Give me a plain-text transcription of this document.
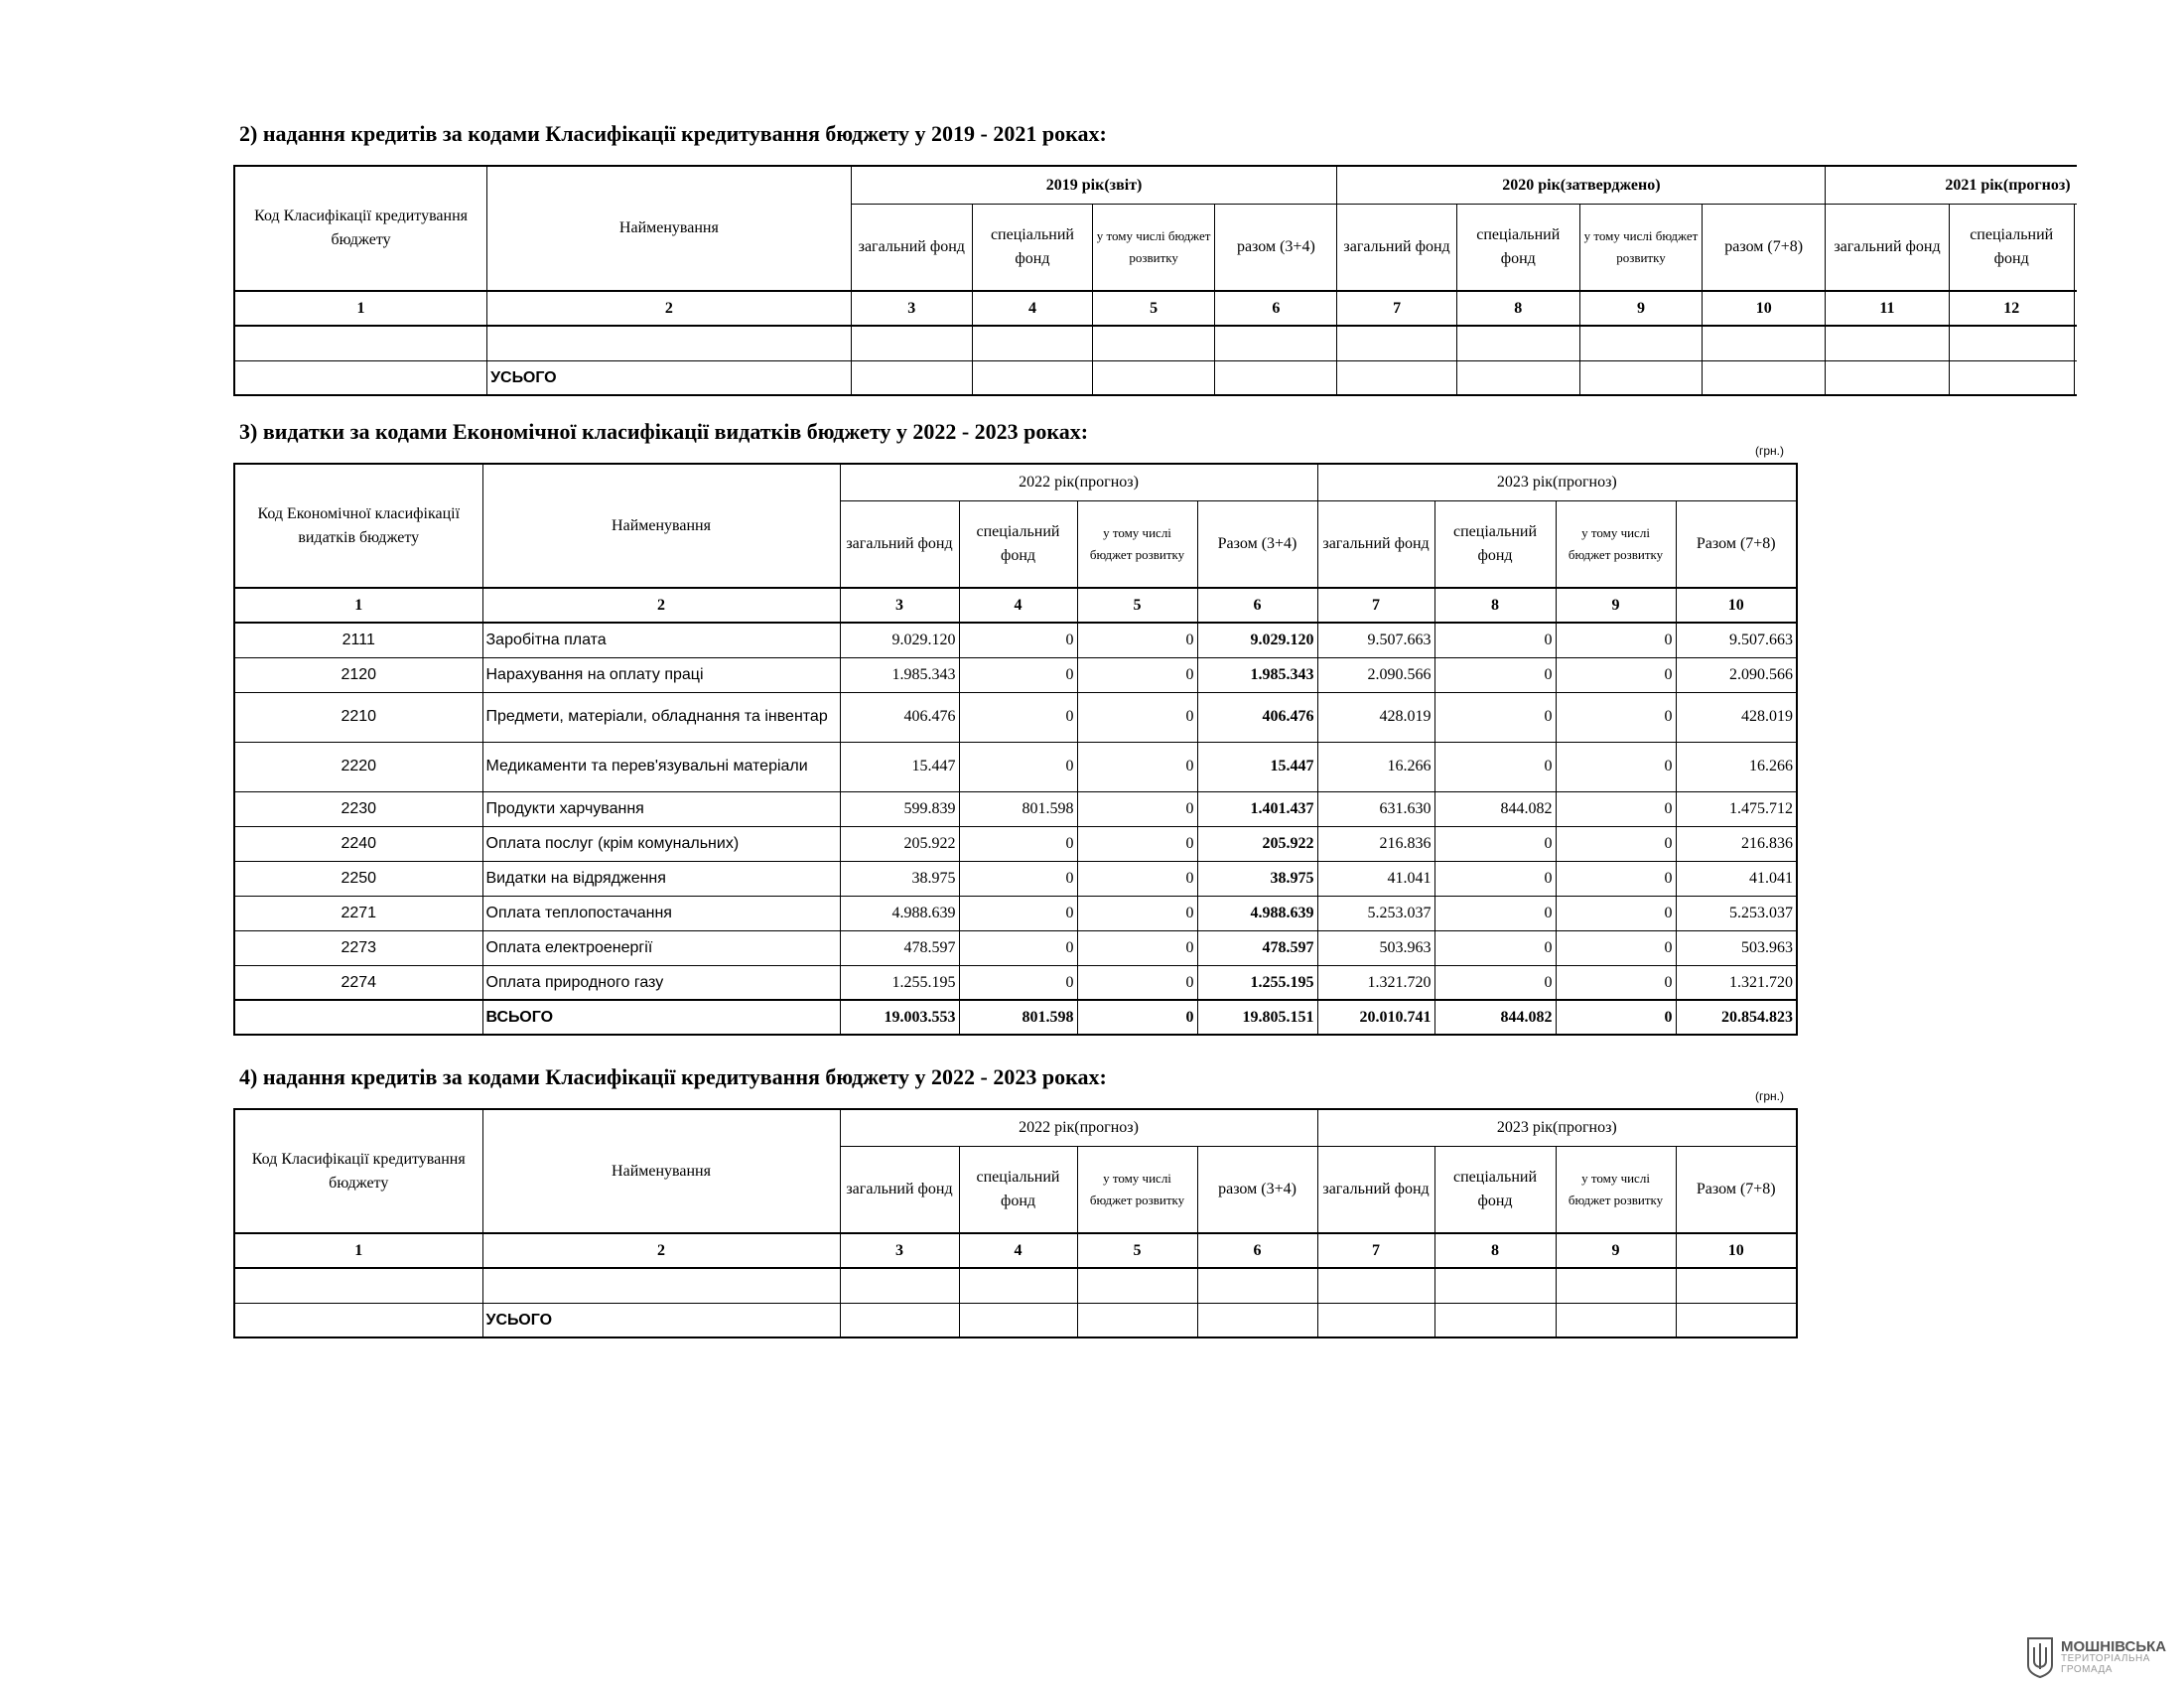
2) надання кредитів за кодами Класифікації кредитування бюджету у 2019 - 2021 роках:
Код Класифікації кредитування бюджету	Найменування	2019 рік(звіт)				2020 рік(затверджено)				2021 рік(прогноз)			
		загальний фонд	спеціальний фонд	у тому числі бюджет розвитку	разом (3+4)	загальний фонд	спеціальний фонд	у тому числі бюджет розвитку	разом (7+8)	загальний фонд	спеціальний фонд		
1	2	3	4	5	6	7	8	9	10	11	12		

	УСЬОГО												
3) видатки за кодами Економічної класифікації видатків бюджету у 2022 - 2023 роках:
(грн.)
Код Економічної класифікації видатків бюджету	Найменування	2022 рік(прогноз)				2023 рік(прогноз)			
		загальний фонд	спеціальний фонд	у тому числі бюджет розвитку	Разом (3+4)	загальний фонд	спеціальний фонд	у тому числі бюджет розвитку	Разом (7+8)
1	2	3	4	5	6	7	8	9	10
2111	Заробітна плата	9.029.120	0	0	9.029.120	9.507.663	0	0	9.507.663
2120	Нарахування на оплату праці	1.985.343	0	0	1.985.343	2.090.566	0	0	2.090.566
2210	Предмети, матеріали, обладнання та інвентар	406.476	0	0	406.476	428.019	0	0	428.019
2220	Медикаменти та перев'язувальні матеріали	15.447	0	0	15.447	16.266	0	0	16.266
2230	Продукти харчування	599.839	801.598	0	1.401.437	631.630	844.082	0	1.475.712
2240	Оплата послуг (крім комунальних)	205.922	0	0	205.922	216.836	0	0	216.836
2250	Видатки на відрядження	38.975	0	0	38.975	41.041	0	0	41.041
2271	Оплата теплопостачання	4.988.639	0	0	4.988.639	5.253.037	0	0	5.253.037
2273	Оплата електроенергії	478.597	0	0	478.597	503.963	0	0	503.963
2274	Оплата природного газу	1.255.195	0	0	1.255.195	1.321.720	0	0	1.321.720
	ВСЬОГО	19.003.553	801.598	0	19.805.151	20.010.741	844.082	0	20.854.823
4) надання кредитів за кодами Класифікації кредитування бюджету у 2022 - 2023 роках:
(грн.)
Код Класифікації кредитування бюджету	Найменування	2022 рік(прогноз)				2023 рік(прогноз)			
		загальний фонд	спеціальний фонд	у тому числі бюджет розвитку	разом (3+4)	загальний фонд	спеціальний фонд	у тому числі бюджет розвитку	Разом (7+8)
1	2	3	4	5	6	7	8	9	10

	УСЬОГО								
МОШНІВСЬКА
ТЕРИТОРІАЛЬНА
ГРОМАДА
